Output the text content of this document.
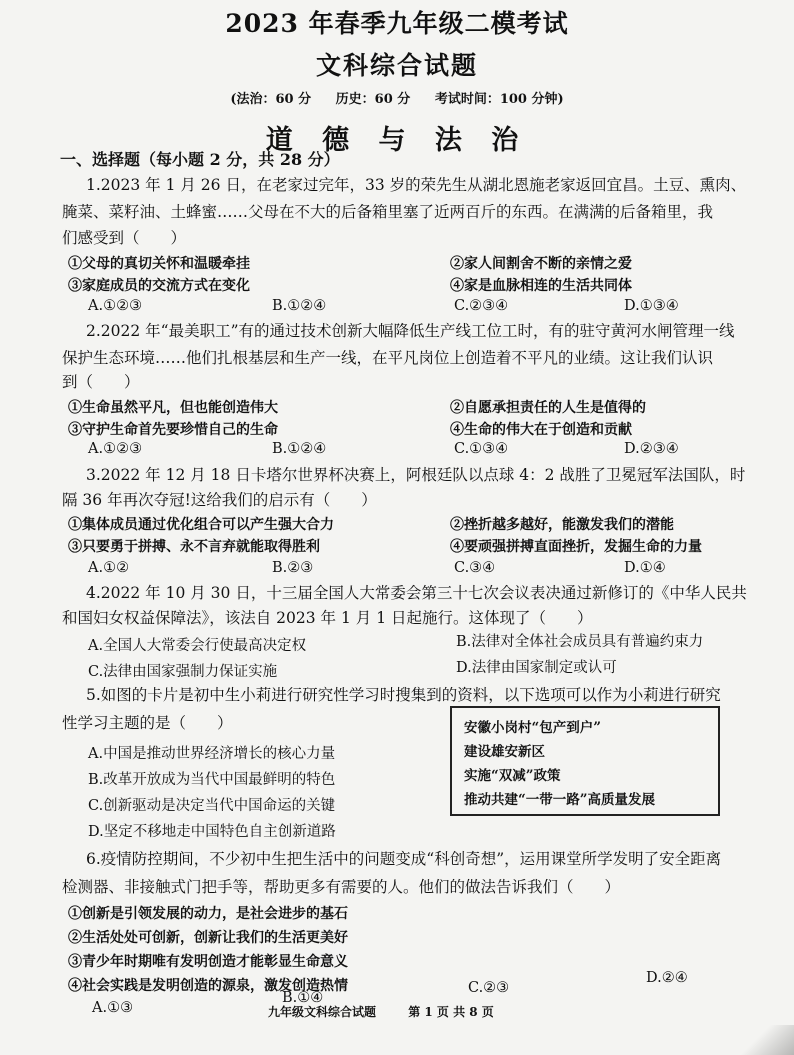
2023 年春季九年级二模考试
文科综合试题
(法治：60 分 历史：60 分 考试时间：100 分钟)
道 德 与 法 治
一、选择题（每小题 2 分，共 28 分）
1.2023 年 1 月 26 日，在老家过完年，33 岁的荣先生从湖北恩施老家返回宜昌。土豆、熏肉、
腌菜、菜籽油、土蜂蜜……父母在不大的后备箱里塞了近两百斤的东西。在满满的后备箱里，我
们感受到（　　）
①父母的真切关怀和温暖牵挂	②家人间割舍不断的亲情之爱
③家庭成员的交流方式在变化	④家是血脉相连的生活共同体
A.①②③	B.①②④	C.②③④	D.①③④
2.2022 年“最美职工”有的通过技术创新大幅降低生产线工位工时，有的驻守黄河水闸管理一线
保护生态环境……他们扎根基层和生产一线，在平凡岗位上创造着不平凡的业绩。这让我们认识
到（　　）
①生命虽然平凡，但也能创造伟大	②自愿承担责任的人生是值得的
③守护生命首先要珍惜自己的生命	④生命的伟大在于创造和贡献
A.①②③	B.①②④	C.①③④	D.②③④
3.2022 年 12 月 18 日卡塔尔世界杯决赛上，阿根廷队以点球 4：2 战胜了卫冕冠军法国队，时
隔 36 年再次夺冠!这给我们的启示有（　　）
①集体成员通过优化组合可以产生强大合力	②挫折越多越好，能激发我们的潜能
③只要勇于拼搏、永不言弃就能取得胜利	④要顽强拼搏直面挫折，发掘生命的力量
A.①②	B.②③	C.③④	D.①④
4.2022 年 10 月 30 日，十三届全国人大常委会第三十七次会议表决通过新修订的《中华人民共
和国妇女权益保障法》，该法自 2023 年 1 月 1 日起施行。这体现了（　　）
A.全国人大常委会行使最高决定权	B.法律对全体社会成员具有普遍约束力
C.法律由国家强制力保证实施	D.法律由国家制定或认可
5.如图的卡片是初中生小莉进行研究性学习时搜集到的资料，以下选项可以作为小莉进行研究
性学习主题的是（　　）
A.中国是推动世界经济增长的核心力量
B.改革开放成为当代中国最鲜明的特色
C.创新驱动是决定当代中国命运的关键
D.坚定不移地走中国特色自主创新道路
安徽小岗村“包产到户”
建设雄安新区
实施“双减”政策
推动共建“一带一路”高质量发展
6.疫情防控期间，不少初中生把生活中的问题变成“科创奇想”，运用课堂所学发明了安全距离
检测器、非接触式门把手等，帮助更多有需要的人。他们的做法告诉我们（　　）
①创新是引领发展的动力，是社会进步的基石
②生活处处可创新，创新让我们的生活更美好
③青少年时期唯有发明创造才能彰显生命意义
④社会实践是发明创造的源泉，激发创造热情
A.①③
B.①④
C.②③
D.②④
九年级文科综合试题	第 1 页 共 8 页
